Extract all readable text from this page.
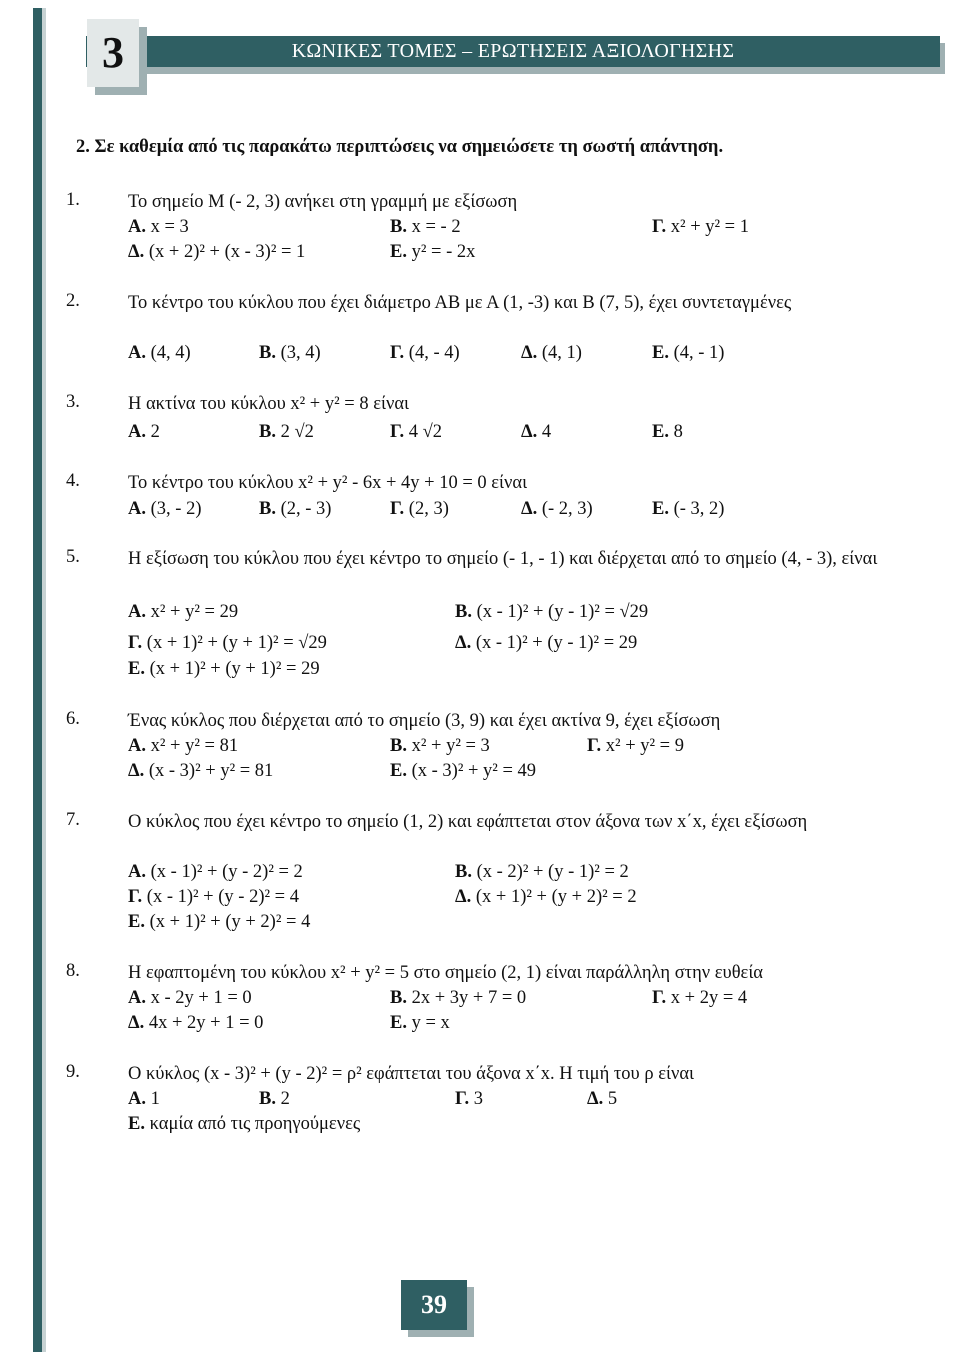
ΚΩΝΙΚΕΣ ΤΟΜΕΣ – ΕΡΩΤΗΣΕΙΣ ΑΞΙΟΛΟΓΗΣΗΣ
3
2. Σε καθεμία από τις παρακάτω περιπτώσεις να σημειώσετε τη σωστή απάντηση.
1.	Το σημείο Μ (- 2, 3) ανήκει στη γραμμή με εξίσωση
Α. x = 3	Β. x = - 2	Γ. x² + y² = 1
Δ. (x + 2)² + (x - 3)² = 1	Ε. y² = - 2x
2.	Το κέντρο του κύκλου που έχει διάμετρο ΑΒ με Α (1, -3) και Β (7, 5), έχει συντεταγμένες
Α. (4, 4)	Β. (3, 4)	Γ. (4, - 4)	Δ. (4, 1)	Ε. (4, - 1)
3.	Η ακτίνα του κύκλου x² + y² = 8 είναι
Α. 2	Β. 2 √2	Γ. 4 √2	Δ. 4	Ε. 8
4.	Το κέντρο του κύκλου x² + y² - 6x + 4y + 10 = 0 είναι
Α. (3, - 2)	Β. (2, - 3)	Γ. (2, 3)	Δ. (- 2, 3)	Ε. (- 3, 2)
5.	Η εξίσωση του κύκλου που έχει κέντρο το σημείο (- 1, - 1) και διέρχεται από το σημείο (4, - 3), είναι
Α. x² + y² = 29	Β. (x - 1)² + (y - 1)² = √29
Γ. (x + 1)² + (y + 1)² = √29	Δ. (x - 1)² + (y - 1)² = 29
Ε. (x + 1)² + (y + 1)² = 29
6.	Ένας κύκλος που διέρχεται από το σημείο (3, 9) και έχει ακτίνα 9, έχει εξίσωση
Α. x² + y² = 81	Β. x² + y² = 3	Γ. x² + y² = 9
Δ. (x - 3)² + y² = 81	Ε. (x - 3)² + y² = 49
7.	Ο κύκλος που έχει κέντρο το σημείο (1, 2) και εφάπτεται στον άξονα των x΄x, έχει εξίσωση
Α. (x - 1)² + (y - 2)² = 2	Β. (x - 2)² + (y - 1)² = 2
Γ. (x - 1)² + (y - 2)² = 4	Δ. (x + 1)² + (y + 2)² = 2
Ε. (x + 1)² + (y + 2)² = 4
8.	Η εφαπτομένη του κύκλου x² + y² = 5 στο σημείο (2, 1) είναι παράλληλη στην ευθεία
Α. x - 2y + 1 = 0	Β. 2x + 3y + 7 = 0	Γ. x + 2y = 4
Δ. 4x + 2y + 1 = 0	Ε. y = x
9.	Ο κύκλος (x - 3)² + (y - 2)² = ρ² εφάπτεται του άξονα x΄x. Η τιμή του ρ είναι
Α. 1	Β. 2	Γ. 3	Δ. 5
Ε. καμία από τις προηγούμενες
39
